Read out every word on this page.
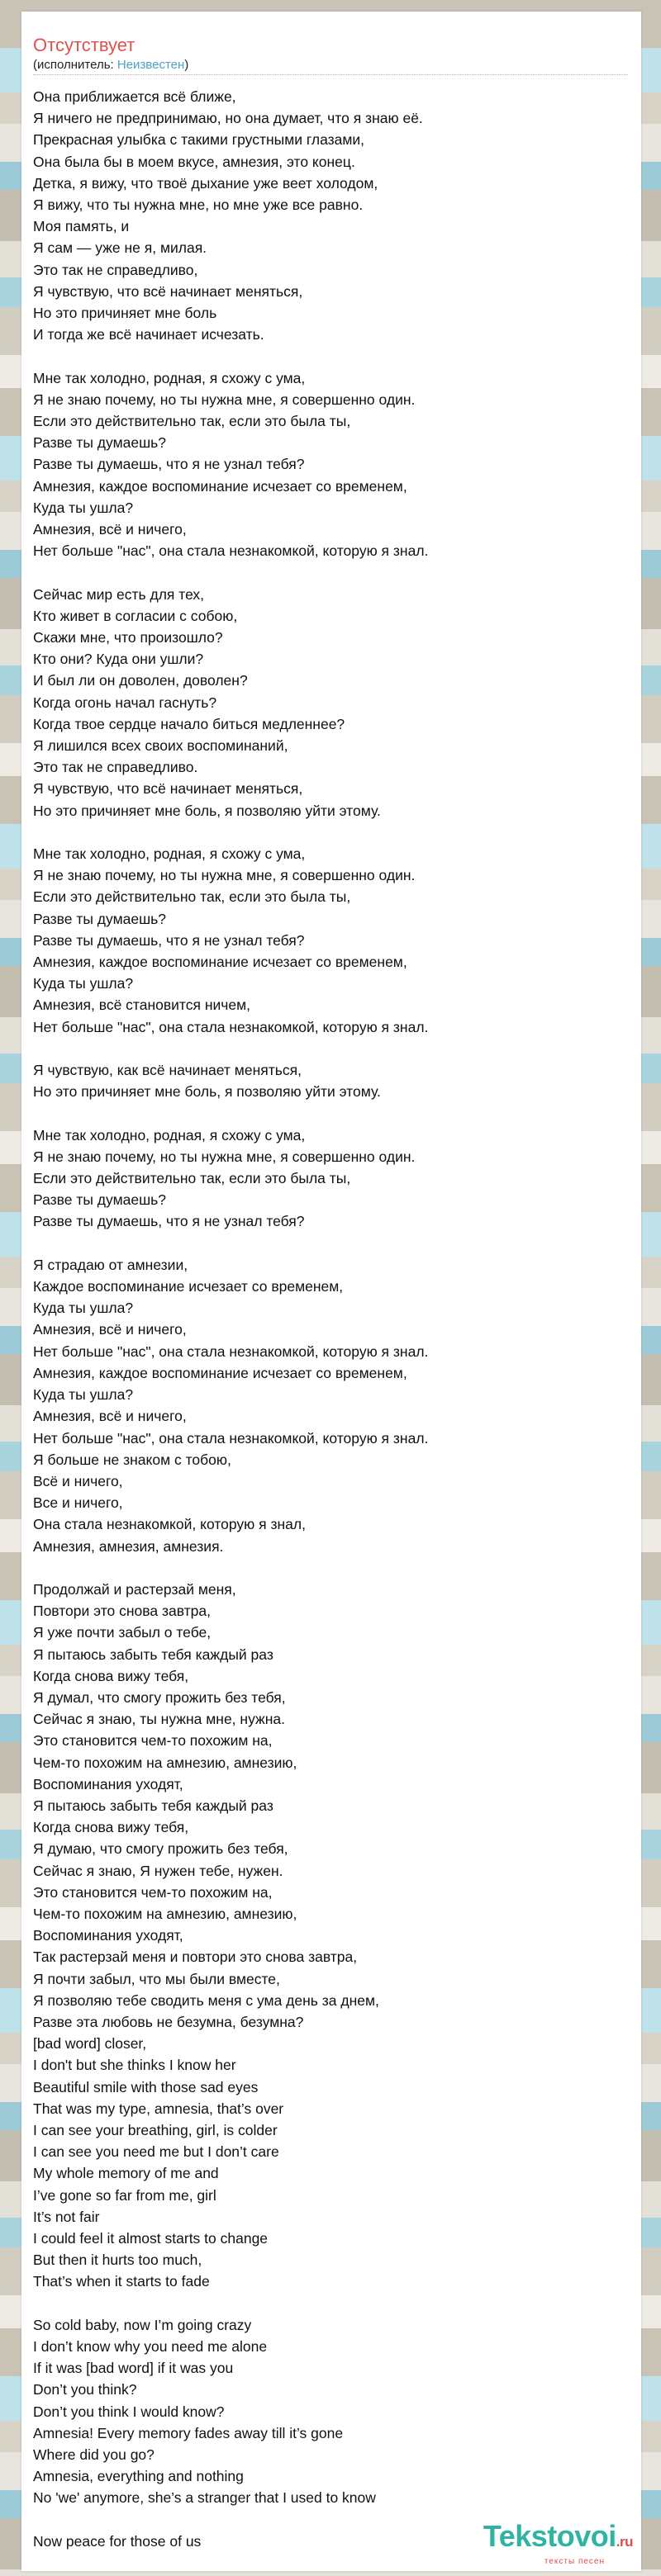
Отсутствует
(исполнитель: Неизвестен)
Она приближается всё ближе,
Я ничего не предпринимаю, но она думает, что я знаю её.
Прекрасная улыбка с такими грустными глазами,
Она была бы в моем вкусе, амнезия, это конец.
Детка, я вижу, что твоё дыхание уже веет холодом,
Я вижу, что ты нужна мне, но мне уже все равно.
Моя память, и
Я сам — уже не я, милая.
Это так не справедливо,
Я чувствую, что всё начинает меняться,
Но это причиняет мне боль
И тогда же всё начинает исчезать.
Мне так холодно, родная, я схожу с ума,
Я не знаю почему, но ты нужна мне, я совершенно один.
Если это действительно так, если это была ты,
Разве ты думаешь?
Разве ты думаешь, что я не узнал тебя?
Амнезия, каждое воспоминание исчезает со временем,
Куда ты ушла?
Амнезия, всё и ничего,
Нет больше "нас", она стала незнакомкой, которую я знал.
Сейчас мир есть для тех,
Кто живет в согласии с собою,
Скажи мне, что произошло?
Кто они? Куда они ушли?
И был ли он доволен, доволен?
Когда огонь начал гаснуть?
Когда твое сердце начало биться медленнее?
Я лишился всех своих воспоминаний,
Это так не справедливо.
Я чувствую, что всё начинает меняться,
Но это причиняет мне боль, я позволяю уйти этому.
Мне так холодно, родная, я схожу с ума,
Я не знаю почему, но ты нужна мне, я совершенно один.
Если это действительно так, если это была ты,
Разве ты думаешь?
Разве ты думаешь, что я не узнал тебя?
Амнезия, каждое воспоминание исчезает со временем,
Куда ты ушла?
Амнезия, всё становится ничем,
Нет больше "нас", она стала незнакомкой, которую я знал.
Я чувствую, как всё начинает меняться,
Но это причиняет мне боль, я позволяю уйти этому.
Мне так холодно, родная, я схожу с ума,
Я не знаю почему, но ты нужна мне, я совершенно один.
Если это действительно так, если это была ты,
Разве ты думаешь?
Разве ты думаешь, что я не узнал тебя?
Я страдаю от амнезии,
Каждое воспоминание исчезает со временем,
Куда ты ушла?
Амнезия, всё и ничего,
Нет больше "нас", она стала незнакомкой, которую я знал.
Амнезия, каждое воспоминание исчезает со временем,
Куда ты ушла?
Амнезия, всё и ничего,
Нет больше "нас", она стала незнакомкой, которую я знал.
Я больше не знаком с тобою,
Всё и ничего,
Все и ничего,
Она стала незнакомкой, которую я знал,
Амнезия, амнезия, амнезия.
Продолжай и растерзай меня,
Повтори это снова завтра,
Я уже почти забыл о тебе,
Я пытаюсь забыть тебя каждый раз
Когда снова вижу тебя,
Я думал, что смогу прожить без тебя,
Сейчас я знаю, ты нужна мне, нужна.
Это становится чем-то похожим на,
Чем-то похожим на амнезию, амнезию,
Воспоминания уходят,
Я пытаюсь забыть тебя каждый раз
Когда снова вижу тебя,
Я думаю, что смогу прожить без тебя,
Сейчас я знаю, Я нужен тебе, нужен.
Это становится чем-то похожим на,
Чем-то похожим на амнезию, амнезию,
Воспоминания уходят,
Так растерзай меня и повтори это снова завтра,
Я почти забыл, что мы были вместе,
Я позволяю тебе сводить меня с ума день за днем,
Разве эта любовь не безумна, безумна?
[bad word] closer,
I don't but she thinks I know her
Beautiful smile with those sad eyes
That was my type, amnesia, that’s over
I can see your breathing, girl, is colder
I can see you need me but I don’t care
My whole memory of me and
I’ve gone so far from me, girl
It’s not fair
I could feel it almost starts to change
But then it hurts too much,
That’s when it starts to fade
So cold baby, now I’m going crazy
I don’t know why you need me alone
If it was [bad word] if it was you
Don’t you think?
Don’t you think I would know?
Amnesia! Every memory fades away till it’s gone
Where did you go?
Amnesia, everything and nothing
No 'we' anymore, she’s a stranger that I used to know
Now peace for those of us	Tekstovoi.ru
тексты песен
